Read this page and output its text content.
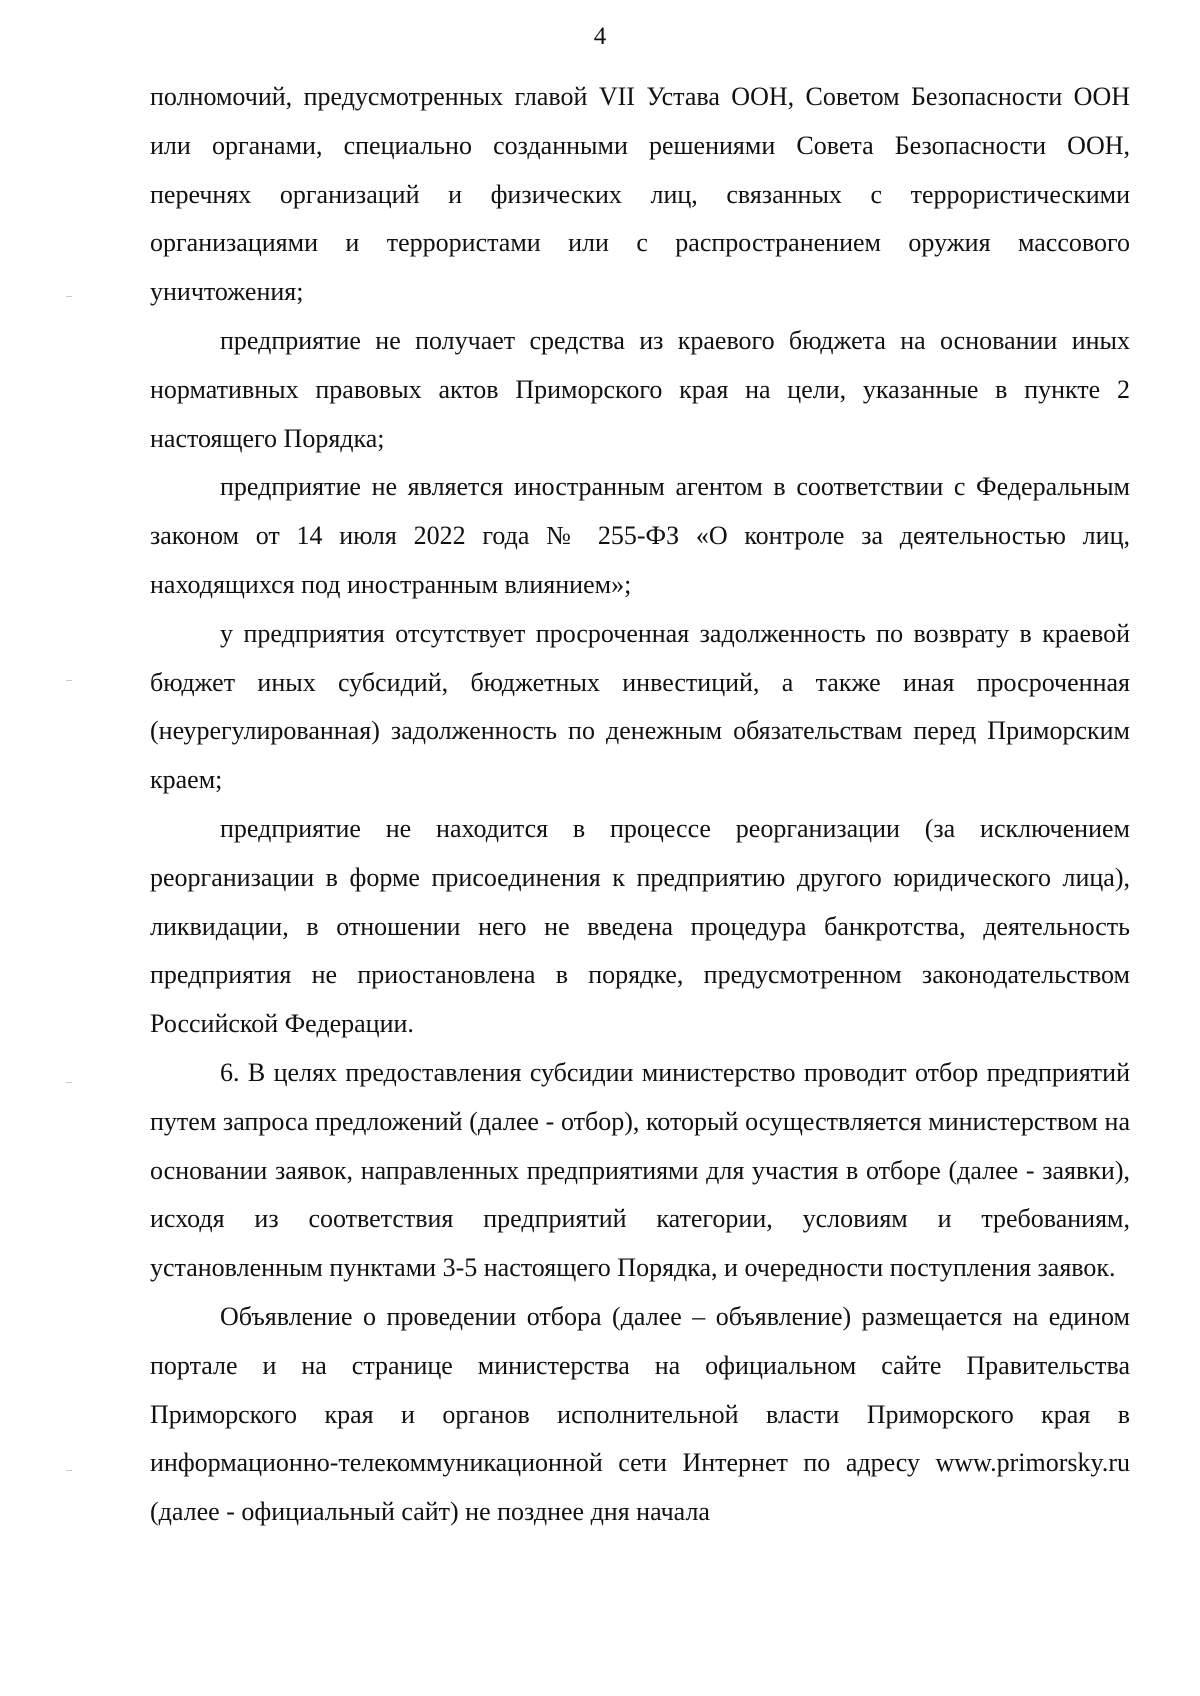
4

полномочий, предусмотренных главой VII Устава ООН, Советом Безопасности ООН или органами, специально созданными решениями Совета Безопасности ООН, перечнях организаций и физических лиц, связанных с террористическими организациями и террористами или с распространением оружия массового уничтожения;

предприятие не получает средства из краевого бюджета на основании иных нормативных правовых актов Приморского края на цели, указанные в пункте 2 настоящего Порядка;

предприятие не является иностранным агентом в соответствии с Федеральным законом от 14 июля 2022 года № 255-ФЗ «О контроле за деятельностью лиц, находящихся под иностранным влиянием»;

у предприятия отсутствует просроченная задолженность по возврату в краевой бюджет иных субсидий, бюджетных инвестиций, а также иная просроченная (неурегулированная) задолженность по денежным обязательствам перед Приморским краем;

предприятие не находится в процессе реорганизации (за исключением реорганизации в форме присоединения к предприятию другого юридического лица), ликвидации, в отношении него не введена процедура банкротства, деятельность предприятия не приостановлена в порядке, предусмотренном законодательством Российской Федерации.

6. В целях предоставления субсидии министерство проводит отбор предприятий путем запроса предложений (далее - отбор), который осуществляется министерством на основании заявок, направленных предприятиями для участия в отборе (далее - заявки), исходя из соответствия предприятий категории, условиям и требованиям, установленным пунктами 3-5 настоящего Порядка, и очередности поступления заявок.

Объявление о проведении отбора (далее – объявление) размещается на едином портале и на странице министерства на официальном сайте Правительства Приморского края и органов исполнительной власти Приморского края в информационно-телекоммуникационной сети Интернет по адресу www.primorsky.ru (далее - официальный сайт) не позднее дня начала
